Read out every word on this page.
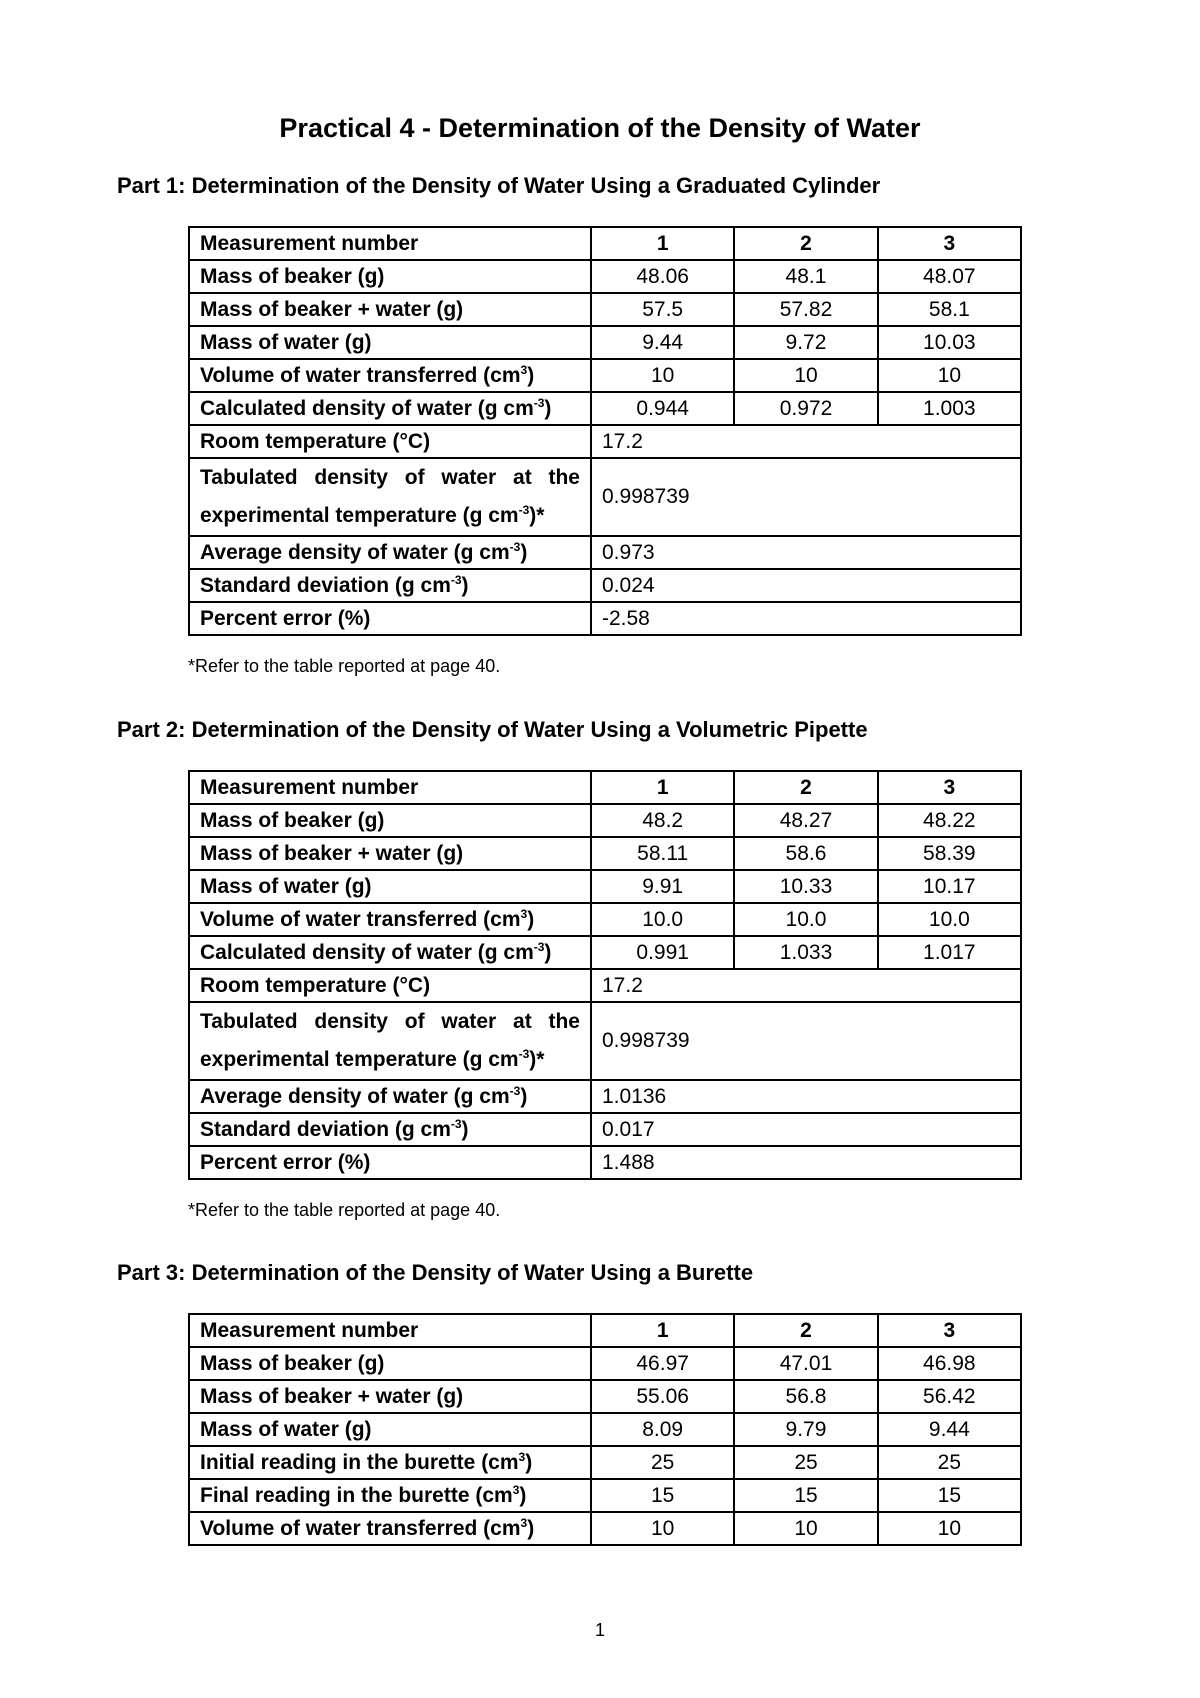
Practical 4 - Determination of the Density of Water
Part 1: Determination of the Density of Water Using a Graduated Cylinder
Measurement number	1	2	3
Mass of beaker (g)	48.06	48.1	48.07
Mass of beaker + water (g)	57.5	57.82	58.1
Mass of water (g)	9.44	9.72	10.03
Volume of water transferred $(cm^3)$	10	10	10
Calculated density of water (g $cm^{-3}$)	0.944	0.972	1.003
Room temperature (°C)	17.2		
Tabulated density of water at the experimental temperature (g $cm^{-3})*$	0.998739		
Average density of water (g $cm^{-3}$)	0.973		
Standard deviation (g $cm^{-3}$)	0.024		
Percent error (%)	-2.58		
*Refer to the table reported at page 40.
Part 2: Determination of the Density of Water Using a Volumetric Pipette
Measurement number	1	2	3
Mass of beaker (g)	48.2	48.27	48.22
Mass of beaker + water (g)	58.11	58.6	58.39
Mass of water (g)	9.91	10.33	10.17
Volume of water transferred $(cm^3)$	10.0	10.0	10.0
Calculated density of water (g $cm^{-3}$)	0.991	1.033	1.017
Room temperature (°C)	17.2		
Tabulated density of water at the experimental temperature (g $cm^{-3})*$	0.998739		
Average density of water (g $cm^{-3}$)	1.0136		
Standard deviation (g $cm^{-3}$)	0.017		
Percent error (%)	1.488		
*Refer to the table reported at page 40.
Part 3: Determination of the Density of Water Using a Burette
Measurement number	1	2	3
Mass of beaker (g)	46.97	47.01	46.98
Mass of beaker + water (g)	55.06	56.8	56.42
Mass of water (g)	8.09	9.79	9.44
Initial reading in the burette $(cm^3)$	25	25	25
Final reading in the burette $(cm^3)$	15	15	15
Volume of water transferred $(cm^3)$	10	10	10
1
